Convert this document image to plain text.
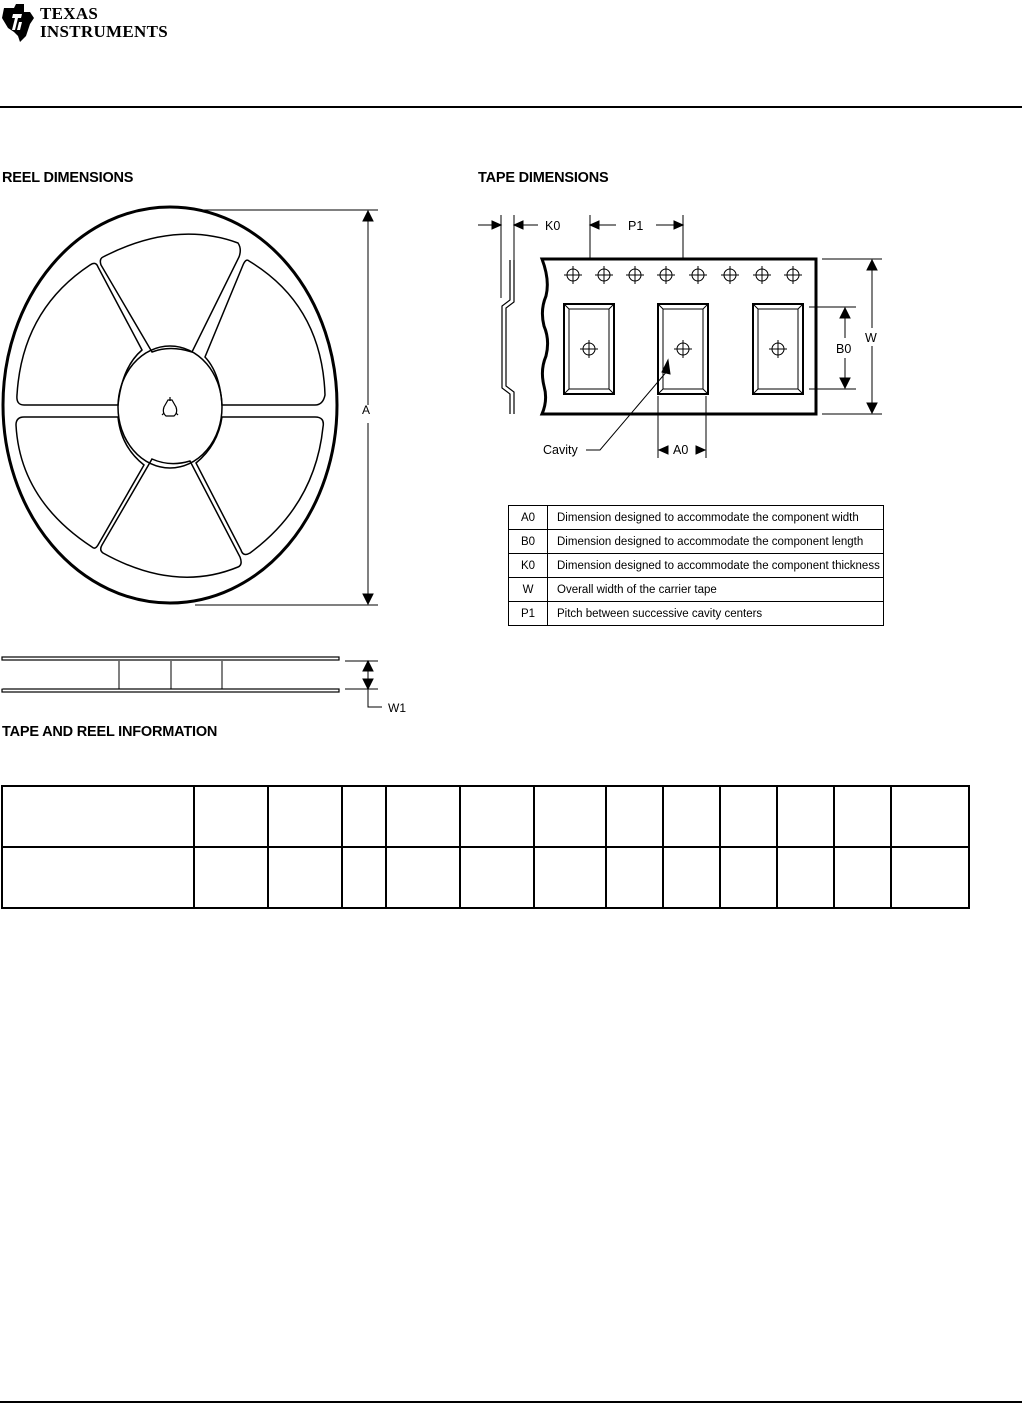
TEXAS
INSTRUMENTS
REEL DIMENSIONS	TAPE DIMENSIONS
TAPE AND REEL INFORMATION
A
W1
K0	P1
W
B0
A0
Cavity
A0	Dimension designed to accommodate the component width
B0	Dimension designed to accommodate the component length
K0	Dimension designed to accommodate the component thickness
W	Overall width of the carrier tape
P1	Pitch between successive cavity centers
